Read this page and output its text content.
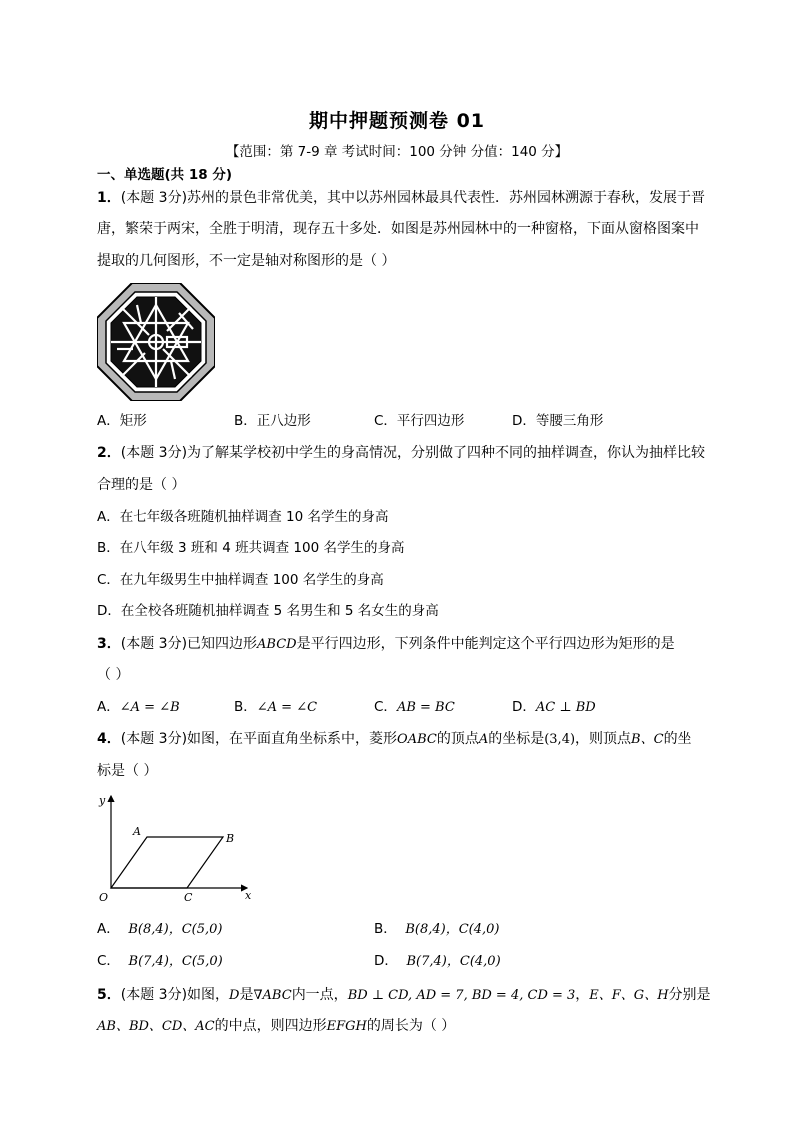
期中押题预测卷 01
【范围：第 7-9 章 考试时间：100 分钟 分值：140 分】
一、单选题(共 18 分)
1．(本题 3分)苏州的景色非常优美，其中以苏州园林最具代表性．苏州园林溯源于春秋，发展于晋
唐，繁荣于两宋，全胜于明清，现存五十多处．如图是苏州园林中的一种窗格，下面从窗格图案中
提取的几何图形，不一定是轴对称图形的是（ ）
A．矩形	B．正八边形	C．平行四边形	D．等腰三角形
2．(本题 3分)为了解某学校初中学生的身高情况，分别做了四种不同的抽样调查，你认为抽样比较
合理的是（ ）
A．在七年级各班随机抽样调查 10 名学生的身高
B．在八年级 3 班和 4 班共调查 100 名学生的身高
C．在九年级男生中抽样调查 100 名学生的身高
D．在全校各班随机抽样调查 5 名男生和 5 名女生的身高
3．(本题 3分)已知四边形ABCD是平行四边形，下列条件中能判定这个平行四边形为矩形的是
（ ）
A．∠A = ∠B	B．∠A = ∠C	C．AB = BC	D．AC ⊥ BD
4．(本题 3分)如图，在平面直角坐标系中，菱形OABC的顶点A的坐标是(3,4)，则顶点B、C的坐
标是（ ）
y
x
O
A
B
C
A． B(8,4)，C(5,0)	B． B(8,4)，C(4,0)
C． B(7,4)，C(5,0)	D． B(7,4)，C(4,0)
5．(本题 3分)如图，D是∇ABC内一点，BD ⊥ CD, AD = 7, BD = 4, CD = 3，E、F、G、H分别是
AB、BD、CD、AC的中点，则四边形EFGH的周长为（ ）
